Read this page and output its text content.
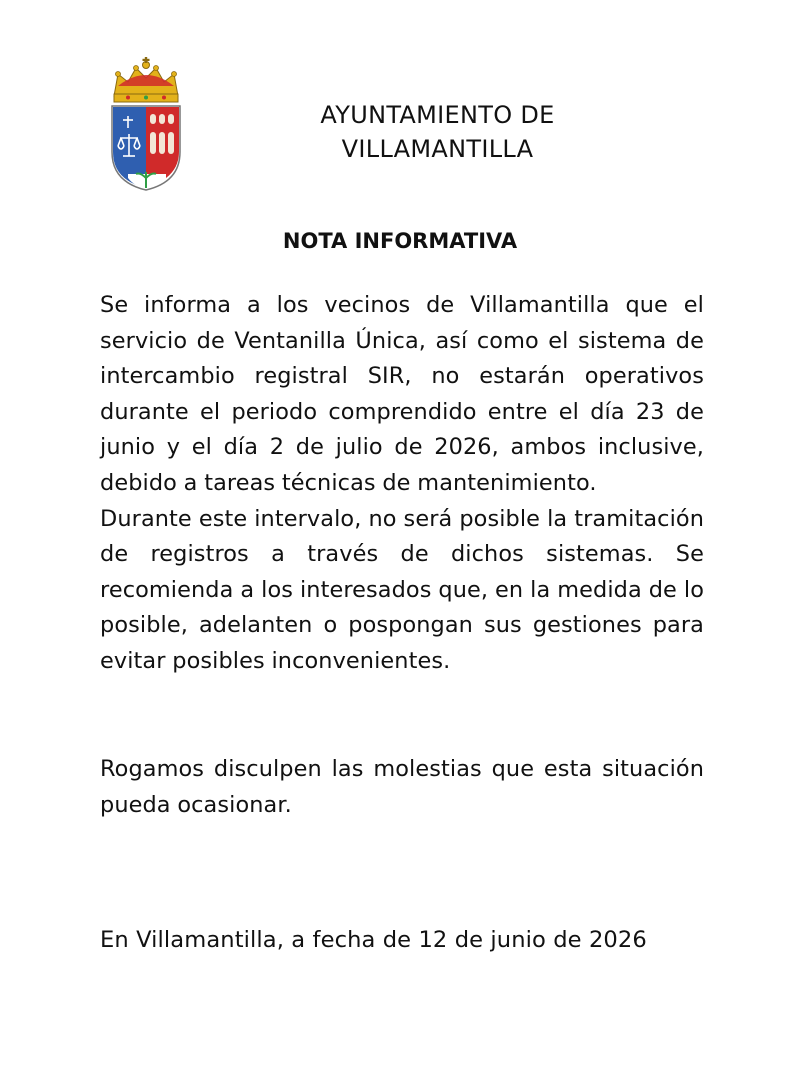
AYUNTAMIENTO DE
VILLAMANTILLA
NOTA INFORMATIVA

Se informa a los vecinos de Villamantilla que el servicio de Ventanilla Única, así como el sistema de intercambio registral SIR, no estarán operativos durante el periodo comprendido entre el día 23 de junio y el día 2 de julio de 2026, ambos inclusive, debido a tareas técnicas de mantenimiento.

Durante este intervalo, no será posible la tramitación de registros a través de dichos sistemas. Se recomienda a los interesados que, en la medida de lo posible, adelanten o pospongan sus gestiones para evitar posibles inconvenientes.

Rogamos disculpen las molestias que esta situación pueda ocasionar.
En Villamantilla, a fecha de 12 de junio de 2026
